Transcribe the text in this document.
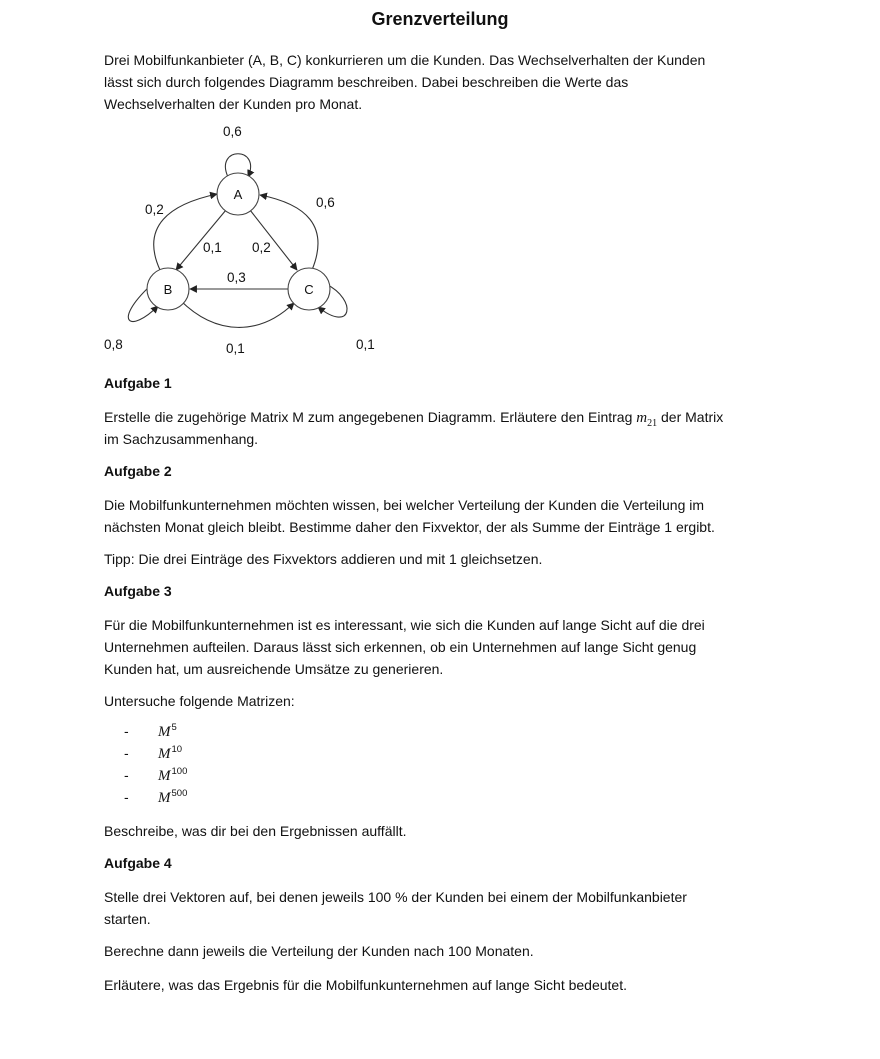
Grenzverteilung
Drei Mobilfunkanbieter (A, B, C) konkurrieren um die Kunden. Das Wechselverhalten der Kunden
lässt sich durch folgendes Diagramm beschreiben. Dabei beschreiben die Werte das
Wechselverhalten der Kunden pro Monat.
A
B	C
0,6
0,2	0,6
0,1 0,2
0,3
0,8	0,1	0,1
Aufgabe 1
Erstelle die zugehörige Matrix M zum angegebenen Diagramm. Erläutere den Eintrag $m_{21}$ der Matrix
im Sachzusammenhang.
Aufgabe 2
Die Mobilfunkunternehmen möchten wissen, bei welcher Verteilung der Kunden die Verteilung im
nächsten Monat gleich bleibt. Bestimme daher den Fixvektor, der als Summe der Einträge 1 ergibt.
Tipp: Die drei Einträge des Fixvektors addieren und mit 1 gleichsetzen.
Aufgabe 3
Für die Mobilfunkunternehmen ist es interessant, wie sich die Kunden auf lange Sicht auf die drei
Unternehmen aufteilen. Daraus lässt sich erkennen, ob ein Unternehmen auf lange Sicht genug
Kunden hat, um ausreichende Umsätze zu generieren.
Untersuche folgende Matrizen:
- $M^5$
- $M^{10}$
- $M^{100}$
- $M^{500}$
Beschreibe, was dir bei den Ergebnissen auffällt.
Aufgabe 4
Stelle drei Vektoren auf, bei denen jeweils 100 % der Kunden bei einem der Mobilfunkanbieter
starten.
Berechne dann jeweils die Verteilung der Kunden nach 100 Monaten.
Erläutere, was das Ergebnis für die Mobilfunkunternehmen auf lange Sicht bedeutet.
